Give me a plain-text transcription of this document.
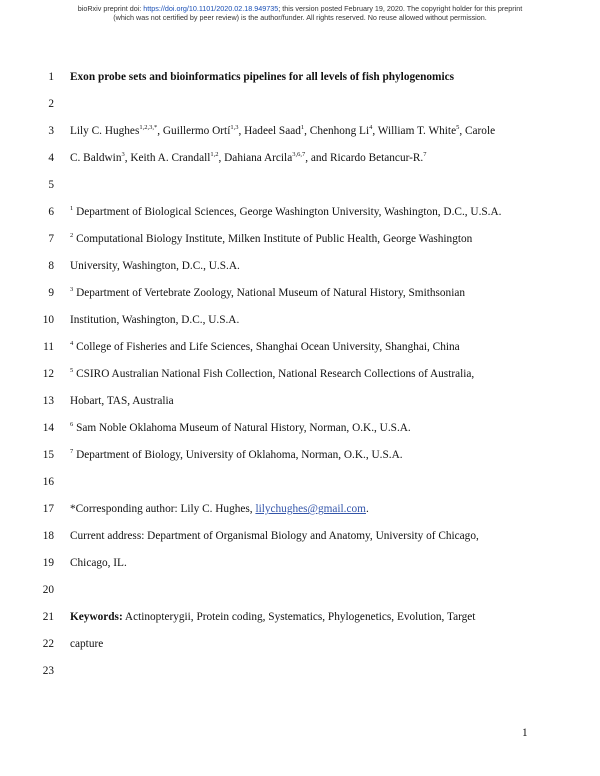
bioRxiv preprint doi: https://doi.org/10.1101/2020.02.18.949735; this version posted February 19, 2020. The copyright holder for this preprint
(which was not certified by peer review) is the author/funder. All rights reserved. No reuse allowed without permission.
1 Exon probe sets and bioinformatics pipelines for all levels of fish phylogenomics
2
3 Lily C. Hughes$^{1,2,3,*}$, Guillermo Ortí$^{1,3}$, Hadeel Saad$^1$, Chenhong Li$^4$, William T. White$^5$, Carole
4 C. Baldwin$^3$, Keith A. Crandall$^{1,2}$, Dahiana Arcila$^{3,6,7}$, and Ricardo Betancur-R.$^7$
5
6 $^1$ Department of Biological Sciences, George Washington University, Washington, D.C., U.S.A.
7 $^2$ Computational Biology Institute, Milken Institute of Public Health, George Washington
8 University, Washington, D.C., U.S.A.
9 $^3$ Department of Vertebrate Zoology, National Museum of Natural History, Smithsonian
10 Institution, Washington, D.C., U.S.A.
11 $^4$ College of Fisheries and Life Sciences, Shanghai Ocean University, Shanghai, China
12 $^5$ CSIRO Australian National Fish Collection, National Research Collections of Australia,
13 Hobart, TAS, Australia
14 $^6$ Sam Noble Oklahoma Museum of Natural History, Norman, O.K., U.S.A.
15 $^7$ Department of Biology, University of Oklahoma, Norman, O.K., U.S.A.
16
17 *Corresponding author: Lily C. Hughes, lilychughes@gmail.com.
18 Current address: Department of Organismal Biology and Anatomy, University of Chicago,
19 Chicago, IL.
20
21 Keywords: Actinopterygii, Protein coding, Systematics, Phylogenetics, Evolution, Target
22 capture
23
1
